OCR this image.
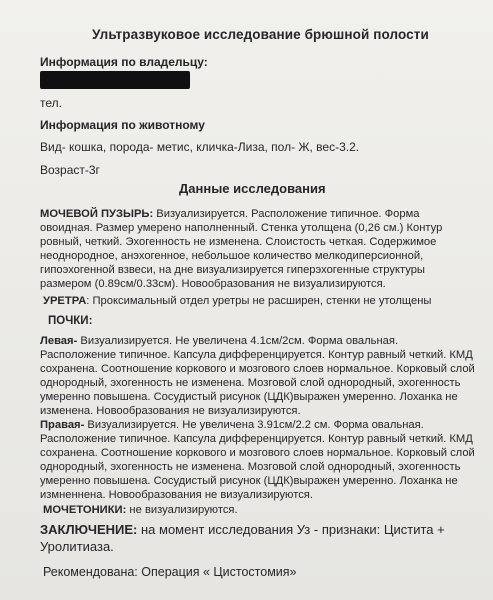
Ультразвуковое исследование брюшной полости

Информация по владельцу:

тел.

Информация по животному

Вид- кошка, порода- метис, кличка-Лиза, пол- Ж, вес-3.2.

Возраст-3г

Данные исследования

МОЧЕВОЙ ПУЗЫРЬ: Визуализируется. Расположение типичное. Форма

овоидная. Размер умерено наполненный. Стенка утолщена (0,26 см.) Контур

ровный, четкий. Эхогенность не изменена. Слоистость четкая. Содержимое

неоднородное, анэхогенное, небольшое количество мелкодиперсионной,

гипоэхогенной взвеси, на дне визуализируется гиперэхогенные структуры

размером (0.89см/0.33см). Новообразования не визуализируются.

УРЕТРА: Проксимальный отдел уретры не расширен, стенки не утолщены

ПОЧКИ:

Левая- Визуализируется. Не увеличена 4.1см/2см. Форма овальная.

Расположение типичное. Капсула дифференцируется. Контур равный четкий. КМД

сохранена. Соотношение коркового и мозгового слоев нормальное. Корковый слой

однородный, эхогенность не изменена. Мозговой слой однородный, эхогенность

умеренно повышена. Сосудистый рисунок (ЦДК)выражен умеренно. Лоханка не

изменена. Новообразования не визуализируются.

Правая- Визуализируется. Не увеличена 3.91см/2.2 см. Форма овальная.

Расположение типичное. Капсула дифференцируется. Контур равный четкий. КМД

сохранена. Соотношение коркового и мозгового слоев нормальное. Корковый слой

однородный, эхогенность не изменена. Мозговой слой однородный, эхогенность

умеренно повышена. Сосудистый рисунок (ЦДК)выражен умеренно. Лоханка не

измненнена. Новообразования не визуализируются.

МОЧЕТОНИКИ: не визуализируются.

ЗАКЛЮЧЕНИЕ: на момент исследования Уз - признаки: Цистита +

Уролитиаза.

Рекомендована: Операция « Цистостомия»
